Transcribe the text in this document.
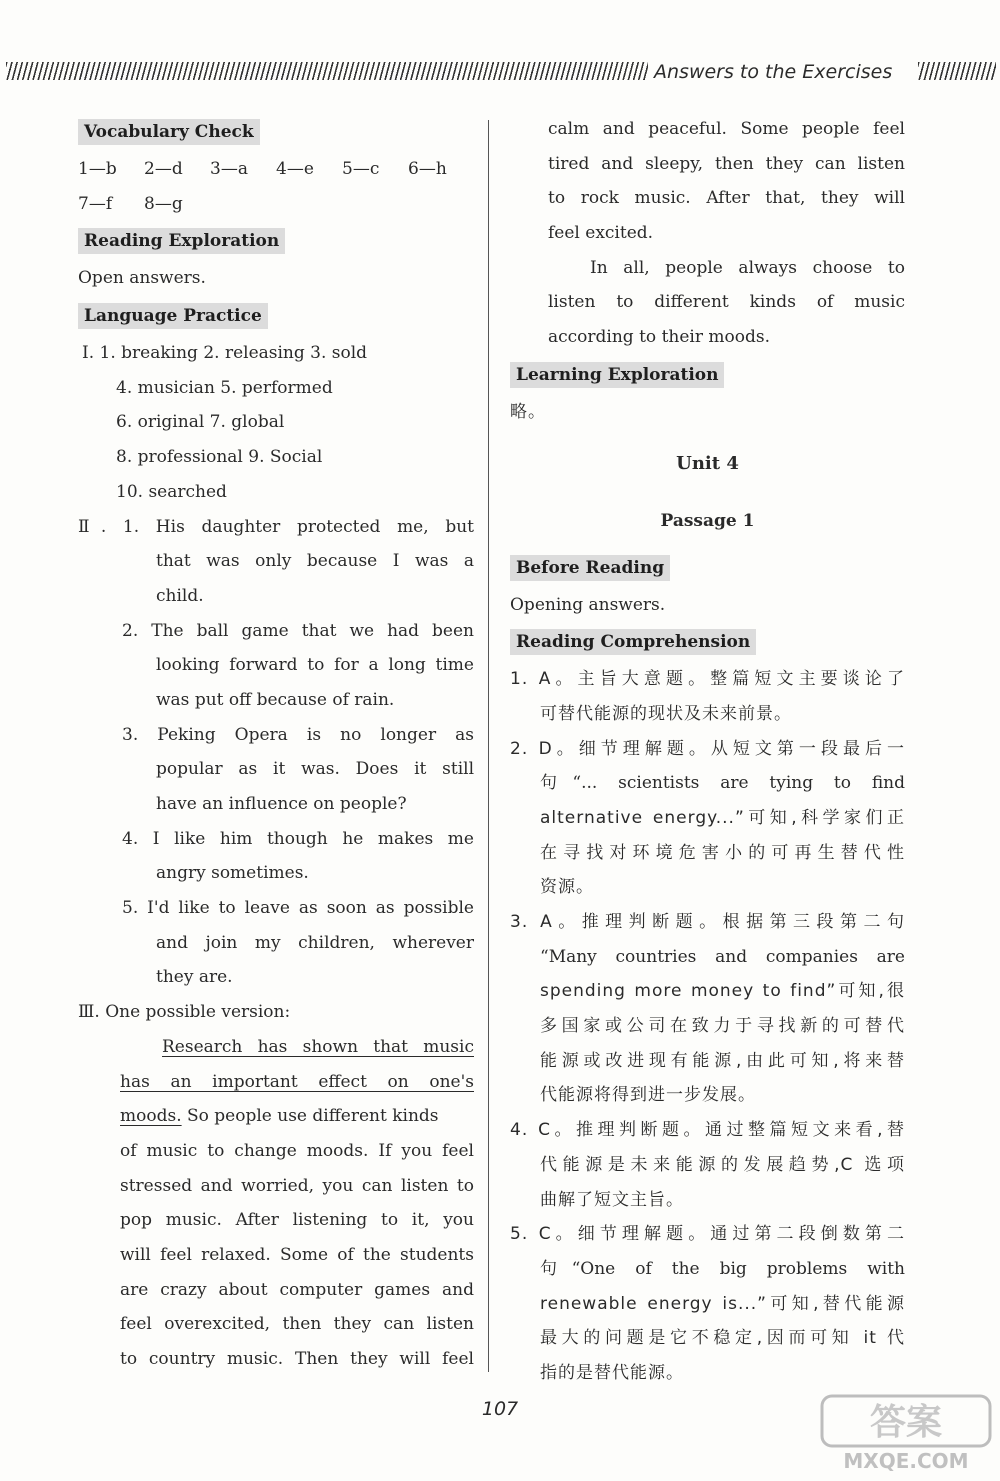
Answers to the Exercises
Vocabulary Check
1—b	2—d	3—a	4—e	5—c	6—h
7—f	8—g
Reading Exploration
Open answers.
Language Practice
Ⅰ. 1. breaking 2. releasing 3. sold
4. musician 5. performed
6. original 7. global
8. professional 9. Social
10. searched
Ⅱ. 1. His daughter protected me, but
that was only because I was a
child.
2. The ball game that we had been
looking forward to for a long time
was put off because of rain.
3. Peking Opera is no longer as
popular as it was. Does it still
have an influence on people?
4. I like him though he makes me
angry sometimes.
5. I'd like to leave as soon as possible
and join my children, wherever
they are.
Ⅲ. One possible version:
Research has shown that music
has an important effect on one's
moods. So people use different kinds
of music to change moods. If you feel
stressed and worried, you can listen to
pop music. After listening to it, you
will feel relaxed. Some of the students
are crazy about computer games and
feel overexcited, then they can listen
to country music. Then they will feel
calm and peaceful. Some people feel
tired and sleepy, then they can listen
to rock music. After that, they will
feel excited.
In all, people always choose to
listen to different kinds of music
according to their moods.
Learning Exploration
略。
Unit 4
Passage 1
Before Reading
Opening answers.
Reading Comprehension
1. A。主旨大意题。整篇短文主要谈论了
可替代能源的现状及未来前景。
2. D。细节理解题。从短文第一段最后一
句“... scientists are tying to find
alternative energy...”可知,科学家们正
在寻找对环境危害小的可再生替代性
资源。
3. A。推理判断题。根据第三段第二句
“Many countries and companies are
spending more money to find”可知,很
多国家或公司在致力于寻找新的可替代
能源或改进现有能源,由此可知,将来替
代能源将得到进一步发展。
4. C。推理判断题。通过整篇短文来看,替
代能源是未来能源的发展趋势,C 选项
曲解了短文主旨。
5. C。细节理解题。通过第二段倒数第二
句“One of the big problems with
renewable energy is...”可知,替代能源
最大的问题是它不稳定,因而可知 it 代
指的是替代能源。
107	答案
MXQE.COM
